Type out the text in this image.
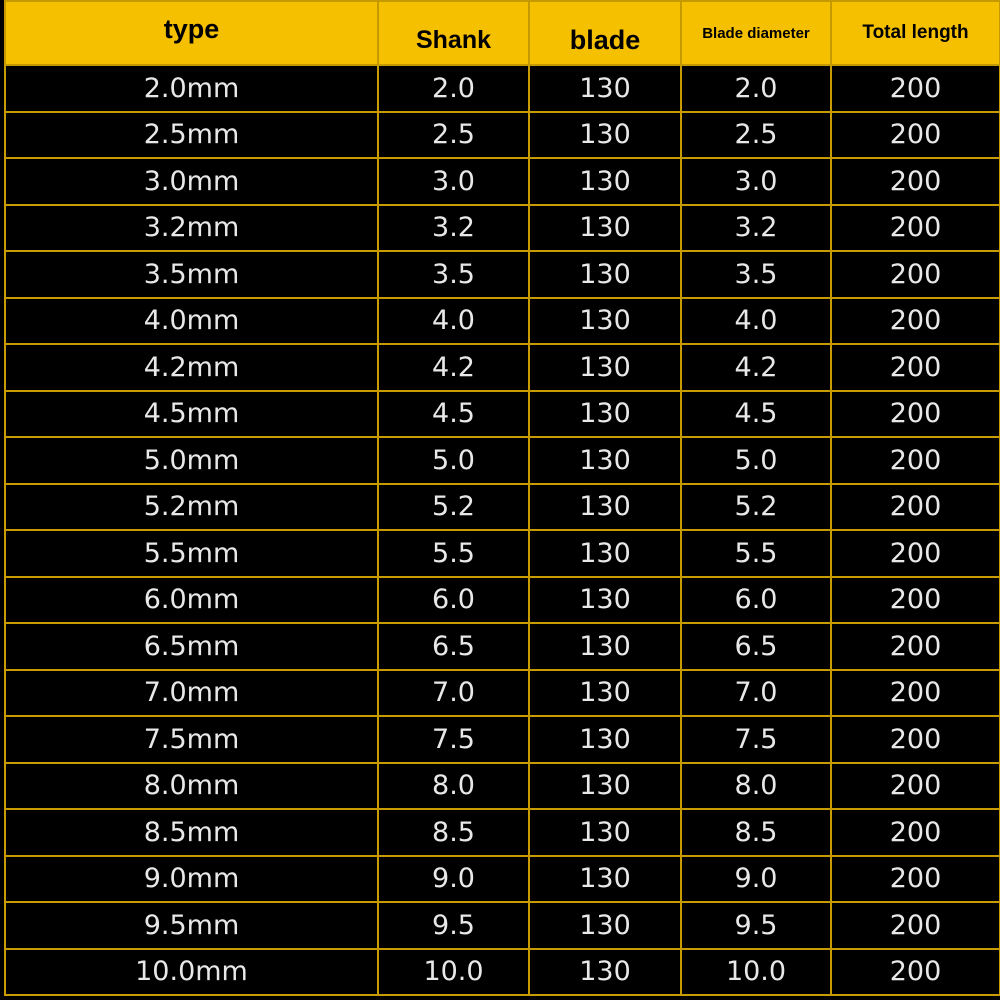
type	Shank	blade	Blade diameter	Total length
2.0mm	2.0	130	2.0	200
2.5mm	2.5	130	2.5	200
3.0mm	3.0	130	3.0	200
3.2mm	3.2	130	3.2	200
3.5mm	3.5	130	3.5	200
4.0mm	4.0	130	4.0	200
4.2mm	4.2	130	4.2	200
4.5mm	4.5	130	4.5	200
5.0mm	5.0	130	5.0	200
5.2mm	5.2	130	5.2	200
5.5mm	5.5	130	5.5	200
6.0mm	6.0	130	6.0	200
6.5mm	6.5	130	6.5	200
7.0mm	7.0	130	7.0	200
7.5mm	7.5	130	7.5	200
8.0mm	8.0	130	8.0	200
8.5mm	8.5	130	8.5	200
9.0mm	9.0	130	9.0	200
9.5mm	9.5	130	9.5	200
10.0mm	10.0	130	10.0	200
